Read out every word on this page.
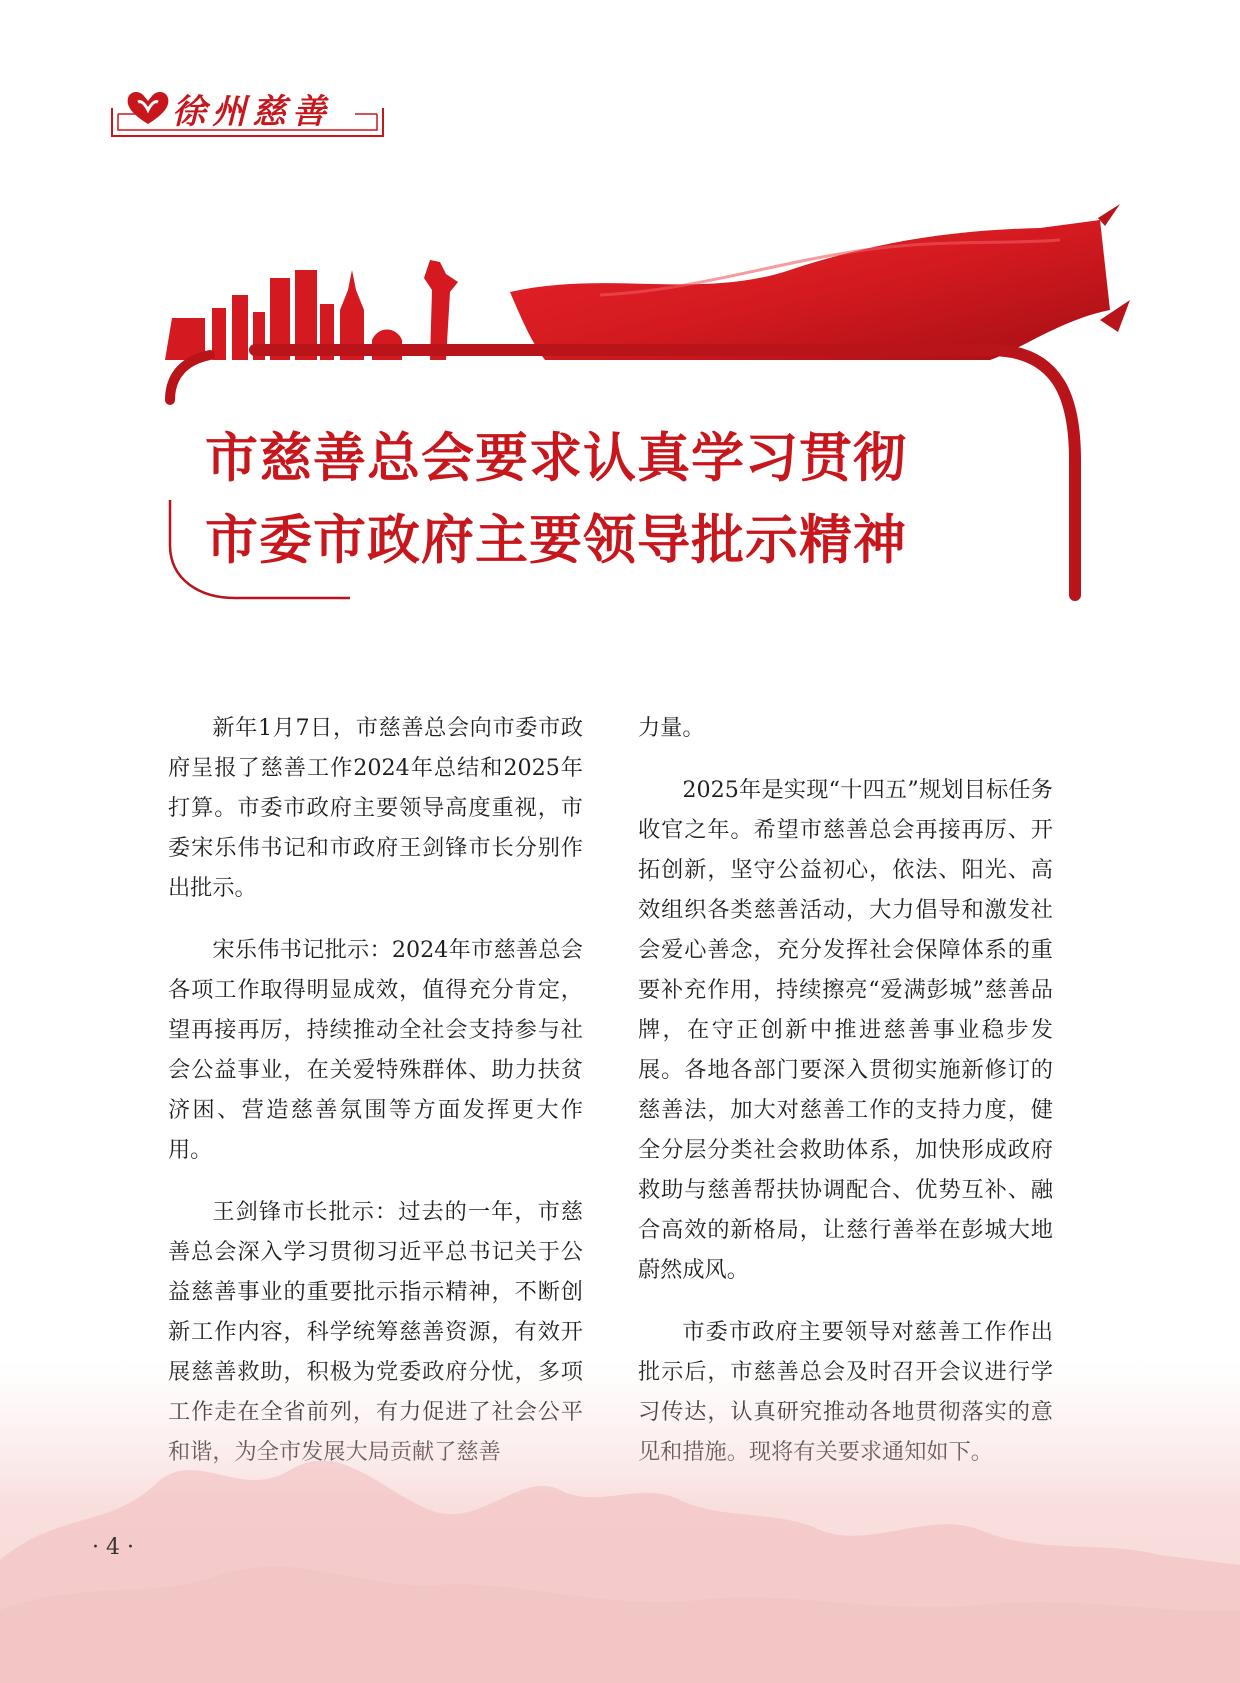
徐州慈善
市慈善总会要求认真学习贯彻
市委市政府主要领导批示精神

新年1月7日，市慈善总会向市委市政府呈报了慈善工作2024年总结和2025年打算。市委市政府主要领导高度重视，市委宋乐伟书记和市政府王剑锋市长分别作出批示。

宋乐伟书记批示：2024年市慈善总会各项工作取得明显成效，值得充分肯定，望再接再厉，持续推动全社会支持参与社会公益事业，在关爱特殊群体、助力扶贫济困、营造慈善氛围等方面发挥更大作用。

王剑锋市长批示：过去的一年，市慈善总会深入学习贯彻习近平总书记关于公益慈善事业的重要批示指示精神，不断创新工作内容，科学统筹慈善资源，有效开

力量。

2025年是实现“十四五”规划目标任务收官之年。希望市慈善总会再接再厉、开拓创新，坚守公益初心，依法、阳光、高效组织各类慈善活动，大力倡导和激发社会爱心善念，充分发挥社会保障体系的重要补充作用，持续擦亮“爱满彭城”慈善品牌，在守正创新中推进慈善事业稳步发展。各地各部门要深入贯彻实施新修订的慈善法，加大对慈善工作的支持力度，健全分层分类社会救助体系，加快形成政府救助与慈善帮扶协调配合、优势互补、融合高效的新格局，让慈行善举在彭城大地蔚然成风。

市委市政府主要领导对慈善工作作出

· 4 ·
